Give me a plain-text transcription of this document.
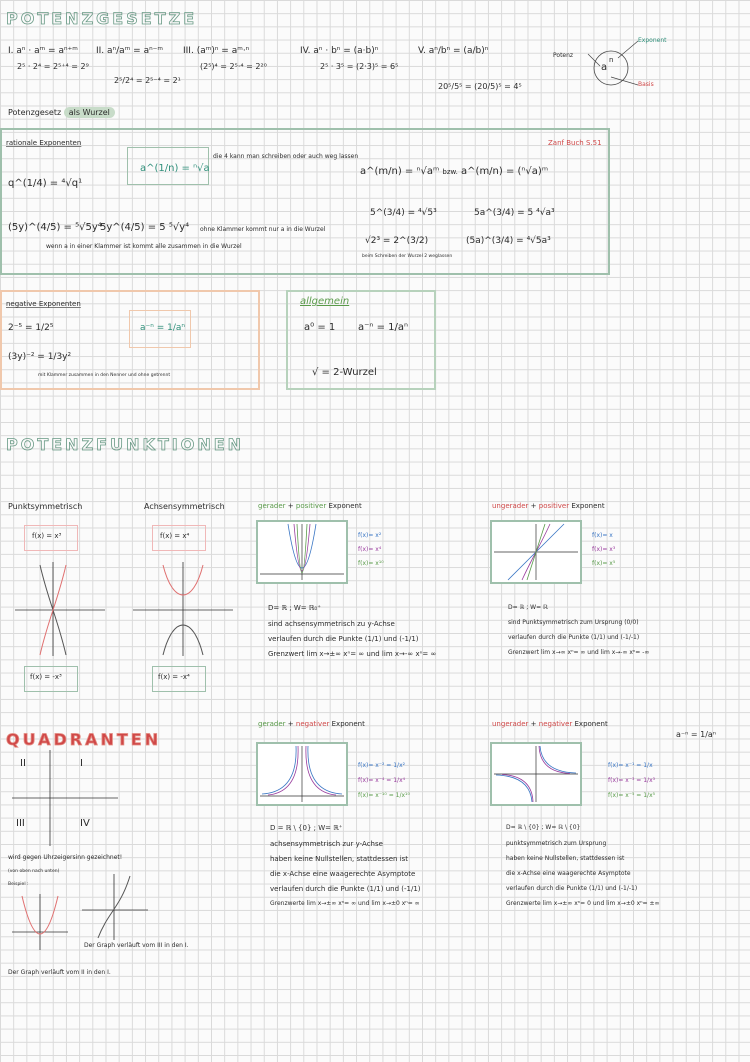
POTENZGESETZE
I. aⁿ · aᵐ = aⁿ⁺ᵐ
2⁵ · 2⁴ = 2⁵⁺⁴ = 2⁹
II. aⁿ/aᵐ = aⁿ⁻ᵐ
2⁵/2⁴ = 2⁵⁻⁴ = 2¹
III. (aᵐ)ⁿ = aᵐ·ⁿ
(2⁵)⁴ = 2⁵·⁴ = 2²⁰
IV. aⁿ · bⁿ = (a·b)ⁿ
2⁵ · 3⁵ = (2·3)⁵ = 6⁵
V. aⁿ/bⁿ = (a/b)ⁿ
20⁵/5⁵ = (20/5)⁵ = 4⁵
Potenz
Exponent
Basis
a
n
Potenzgesetz als Wurzel
rationale Exponenten
a^(1/n) = ⁿ√a
die 4 kann man schreiben oder auch weg lassen
q^(1/4) = ⁴√q¹
(5y)^(4/5) = ⁵√5y⁴
5y^(4/5) = 5 ⁵√y⁴ ohne Klammer kommt nur a in die Wurzel
wenn a in einer Klammer ist kommt alle zusammen in die Wurzel
a^(m/n) = ⁿ√aᵐ bzw. a^(m/n) = (ⁿ√a)ᵐ
Zanf Buch S.51
5^(3/4) = ⁴√5³
√2³ = 2^(3/2)
5a^(3/4) = 5 ⁴√a³
(5a)^(3/4) = ⁴√5a³
beim Schreiben der Wurzel 2 weglassen
negative Exponenten
2⁻⁵ = 1/2⁵	a⁻ⁿ = 1/aⁿ
(3y)⁻² = 1/3y²
mit Klammer zusammen in den Nenner und ohne getrennt
allgemein
a⁰ = 1 a⁻ⁿ = 1/aⁿ
√ = 2-Wurzel
POTENZFUNKTIONEN
Punktsymmetrisch	Achsensymmetrisch
f(x) = x³	f(x) = x⁴
f(x) = -x³	f(x) = -x⁴
gerader + positiver Exponent
f(x)= x²
f(x)= x⁴
f(x)= x¹⁰
D= ℝ ; W= ℝ₀⁺
sind achsensymmetrisch zu y-Achse
verlaufen durch die Punkte (1/1) und (-1/1)
Grenzwert lim x→±∞ xⁿ= ∞ und lim x→-∞ xⁿ= ∞
ungerader + positiver Exponent
f(x)= x
f(x)= x³
f(x)= x⁵
D= ℝ ; W= ℝ
sind Punktsymmetrisch zum Ursprung (0/0)
verlaufen durch die Punkte (1/1) und (-1/-1)
Grenzwert lim x→∞ xⁿ= ∞ und lim x→-∞ xⁿ= -∞
QUADRANTEN
II	I
III	IV
wird gegen Uhrzeigersinn gezeichnet!
(von oben nach unten)
Beispiel :
Der Graph verläuft vom III in den I.
Der Graph verläuft vom II in den I.
gerader + negativer Exponent
f(x)= x⁻² = 1/x²
f(x)= x⁻⁴ = 1/x⁴
f(x)= x⁻¹⁰ = 1/x¹⁰
D = ℝ \ {0} ; W= ℝ⁺
achsensymmetrisch zur y-Achse
haben keine Nullstellen, stattdessen ist
die x-Achse eine waagerechte Asymptote
verlaufen durch die Punkte (1/1) und (-1/1)
Grenzwerte lim x→±∞ xⁿ= ∞ und lim x→±0 xⁿ= ∞
ungerader + negativer Exponent
a⁻ⁿ = 1/aⁿ
f(x)= x⁻¹ = 1/x
f(x)= x⁻³ = 1/x³
f(x)= x⁻⁵ = 1/x⁵
D= ℝ \ {0} ; W= ℝ \ {0}
punktsymmetrisch zum Ursprung
haben keine Nullstellen, stattdessen ist
die x-Achse eine waagerechte Asymptote
verlaufen durch die Punkte (1/1) und (-1/-1)
Grenzwerte lim x→±∞ xⁿ= 0 und lim x→±0 xⁿ= ±∞
